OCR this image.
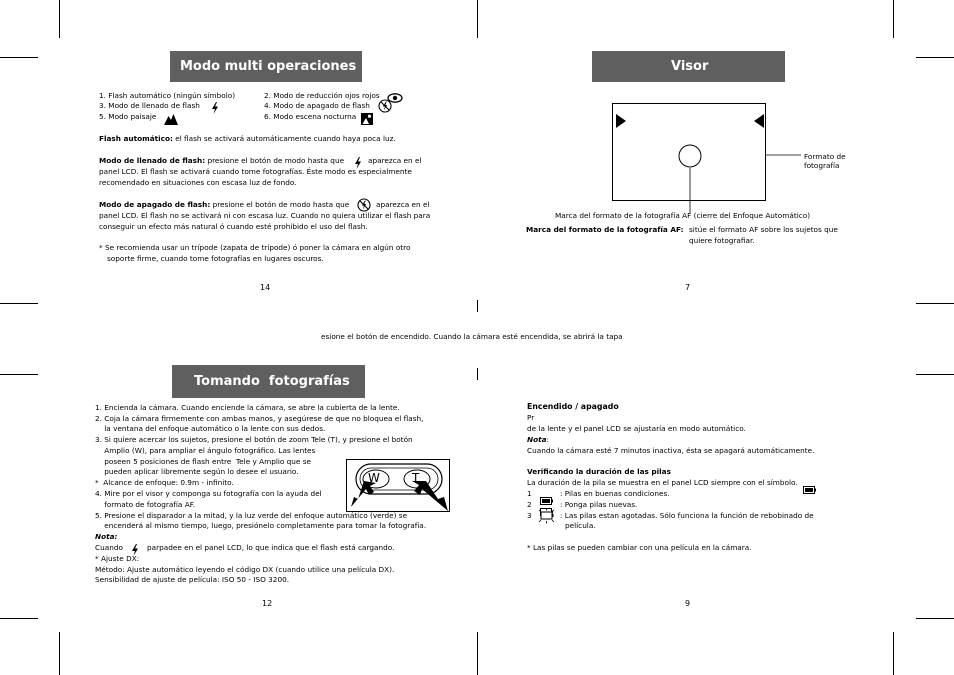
Modo multi operaciones
1. Flash automático (ningún símbolo)	2. Modo de reducción ojos rojos
3. Modo de llenado de flash	4. Modo de apagado de flash
5. Modo paisaje	6. Modo escena nocturna
Flash automático: el flash se activará automáticamente cuando haya poca luz.
Modo de llenado de flash: presione el botón de modo hasta que	aparezca en el
panel LCD. El flash se activará cuando tome fotografías. Éste modo es especialmente
recomendado en situaciones con escasa luz de fondo.
Modo de apagado de flash: presione el botón de modo hasta que	aparezca en el
panel LCD. El flash no se activará ni con escasa luz. Cuando no quiera utilizar el flash para
conseguir un efecto más natural ó cuando esté prohibido el uso del flash.
* Se recomienda usar un trípode (zapata de trípode) ó poner la cámara en algún otro
soporte firme, cuando tome fotografías en lugares oscuros.
14
Visor
Formato de
fotografía
Marca del formato de la fotografía AF (cierre del Enfoque Automático)
Marca del formato de la fotografía AF: sitúe el formato AF sobre los sujetos que
quiere fotografiar.
7
esione el botón de encendido. Cuando la cámara esté encendida, se abrirá la tapa
Tomando  fotografías
1. Encienda la cámara. Cuando enciende la cámara, se abre la cubierta de la lente.
2. Coja la cámara firmemente con ambas manos, y asegúrese de que no bloquea el flash,
la ventana del enfoque automático o la lente con sus dedos.
3. Si quiere acercar los sujetos, presione el botón de zoom Tele (T), y presione el botón
Amplio (W), para ampliar el ángulo fotográfico. Las lentes
poseen 5 posiciones de flash entre  Tele y Amplio que se
pueden aplicar libremente según lo desee el usuario.
*  Alcance de enfoque: 0.9m - infinito.
4. Mire por el visor y componga su fotografía con la ayuda del
formato de fotografía AF.
5. Presione el disparador a la mitad, y la luz verde del enfoque automático (verde) se
encenderá al mismo tiempo, luego, presiónelo completamente para tomar la fotografía.
Nota:
Cuando	parpadee en el panel LCD, lo que indica que el flash está cargando.
* Ajuste DX:
Método: Ajuste automático leyendo el código DX (cuando utilice una película DX).
Sensibilidad de ajuste de película: ISO 50 - ISO 3200.
W	T
12
Encendido / apagado
Pr
de la lente y el panel LCD se ajustaría en modo automático.
Nota:
Cuando la cámara esté 7 minutos inactiva, ésta se apagará automáticamente.
Verificando la duración de las pilas
La duración de la pila se muestra en el panel LCD siempre con el símbolo.
1	: Pilas en buenas condiciones.
2	: Ponga pilas nuevas.
3	: Las pilas estan agotadas. Sólo funciona la función de rebobinado de
película.
* Las pilas se pueden cambiar con una película en la cámara.
9
